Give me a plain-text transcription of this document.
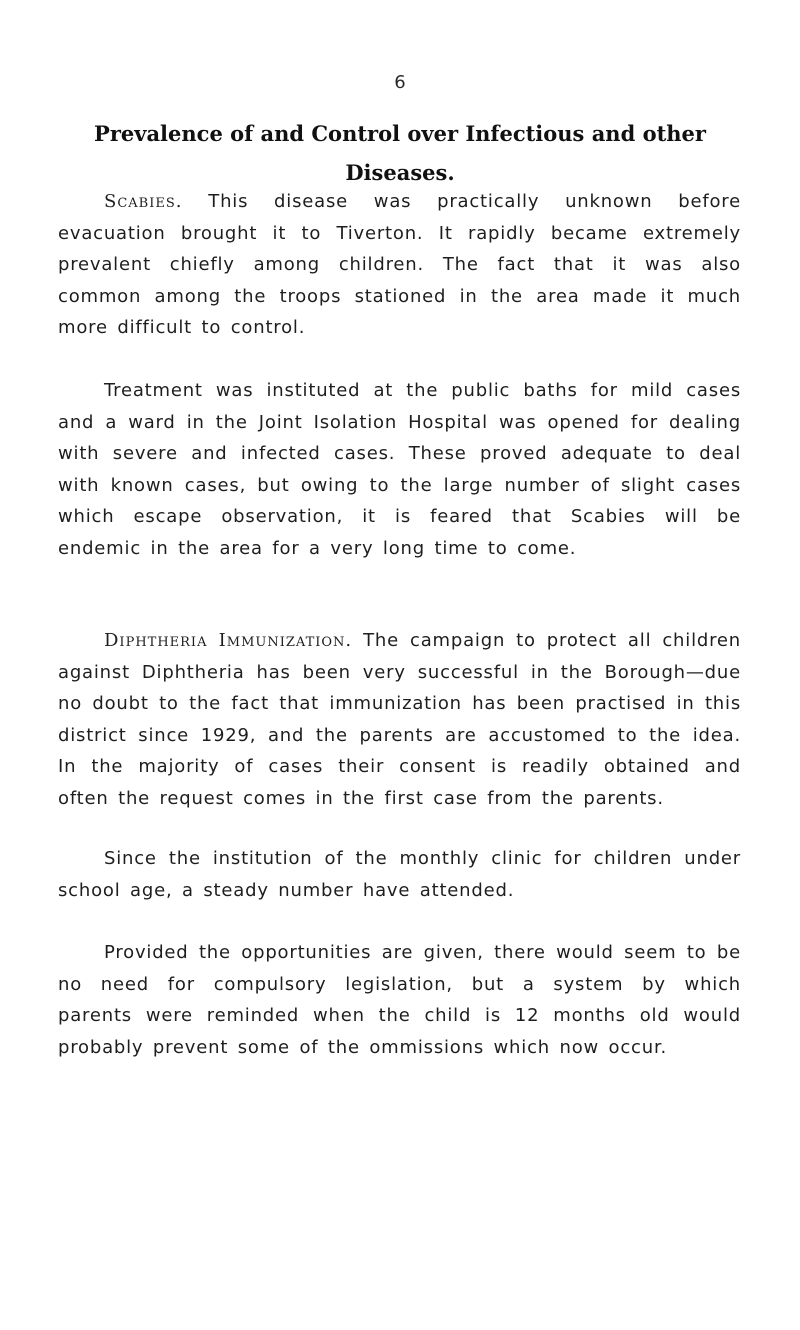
6
Prevalence of and Control over Infectious and other Diseases.

Scabies. This disease was practically unknown before evacuation brought it to Tiverton. It rapidly became extremely prevalent chiefly among children. The fact that it was also common among the troops stationed in the area made it much more difficult to control.

Treatment was instituted at the public baths for mild cases and a ward in the Joint Isolation Hospital was opened for dealing with severe and infected cases. These proved adequate to deal with known cases, but owing to the large number of slight cases which escape observation, it is feared that Scabies will be endemic in the area for a very long time to come.

Diphtheria Immunization. The campaign to protect all children against Diphtheria has been very successful in the Borough—due no doubt to the fact that immunization has been practised in this district since 1929, and the parents are accustomed to the idea. In the majority of cases their consent is readily obtained and often the request comes in the first case from the parents.

Since the institution of the monthly clinic for children under school age, a steady number have attended.

Provided the opportunities are given, there would seem to be no need for compulsory legislation, but a system by which parents were reminded when the child is 12 months old would probably prevent some of the ommissions which now occur.
